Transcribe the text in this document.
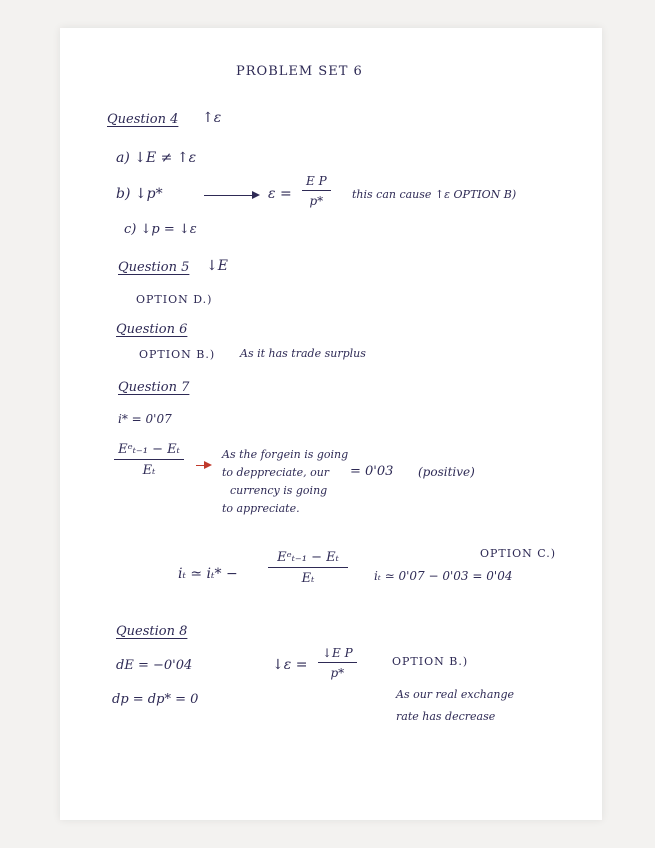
PROBLEM SET 6
Question 4 ↑ε
a) ↓E ≠ ↑ε
b) ↓p*	$\varepsilon = \frac{\text{E P}}{p*}$ this can cause ↑ε OPTION B)
c) ↓p = ↓ε
Question 5 ↓E
OPTION D.)
Question 6
OPTION B.) As it has trade surplus
Question 7
i* = 0'07
Eᵉₜ₋₁ − Eₜ
Eₜ
As the forgein is going
to deppreciate, our
currency is going
to appreciate.
= 0'03 (positive)
OPTION C.)
iₜ ≃ iₜ* −
Eᵉₜ₋₁ − Eₜ
Eₜ	iₜ ≃ 0'07 − 0'03 = 0'04
Question 8
dE = −0'04
dp = dp* = 0
↓ε = $\frac{\text{↓E P}}{p*}$	OPTION B.)
As our real exchange
rate has decrease
